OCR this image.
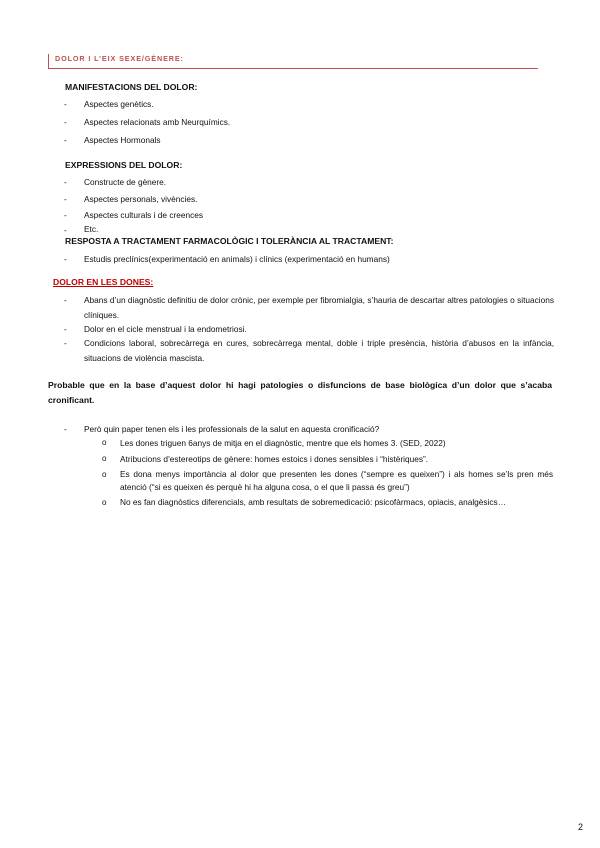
DOLOR I L’EIX SEXE/GÈNERE:
MANIFESTACIONS DEL DOLOR:
- Aspectes genètics.
- Aspectes relacionats amb Neurquímics.
- Aspectes Hormonals
EXPRESSIONS DEL DOLOR:
- Constructe de gènere.
- Aspectes personals, vivències.
- Aspectes culturals i de creences
- Etc.
RESPOSTA A TRACTAMENT FARMACOLÒGIC I TOLERÀNCIA AL TRACTAMENT:
- Estudis preclínics(experimentació en animals) i clínics (experimentació en humans)
DOLOR EN LES DONES:
- Abans d’un diagnòstic definitiu de dolor crònic, per exemple per fibromialgia, s’hauria de descartar altres patologies o situacions clíniques.
- Dolor en el cicle menstrual i la endometriosi.
- Condicions laboral, sobrecàrrega en cures, sobrecàrrega mental, doble i triple presència, història d’abusos en la infància, situacions de violència mascista.
Probable que en la base d’aquest dolor hi hagi patologies o disfuncions de base biològica d’un dolor que s’acaba cronificant.
- Però quin paper tenen els i les professionals de la salut en aquesta cronificació?
o Les dones triguen 6anys de mitja en el diagnòstic, mentre que els homes 3. (SED, 2022)
o Atribucions d’estereotips de gènere: homes estoics i dones sensibles i “histèriques”.
o Es dona menys importància al dolor que presenten les dones (“sempre es queixen”) i als homes se’ls pren més atenció (“si es queixen és perquè hi ha alguna cosa, o el que li passa és greu”)
o No es fan diagnòstics diferencials, amb resultats de sobremedicació: psicofàrmacs, opiacis, analgèsics…
2
